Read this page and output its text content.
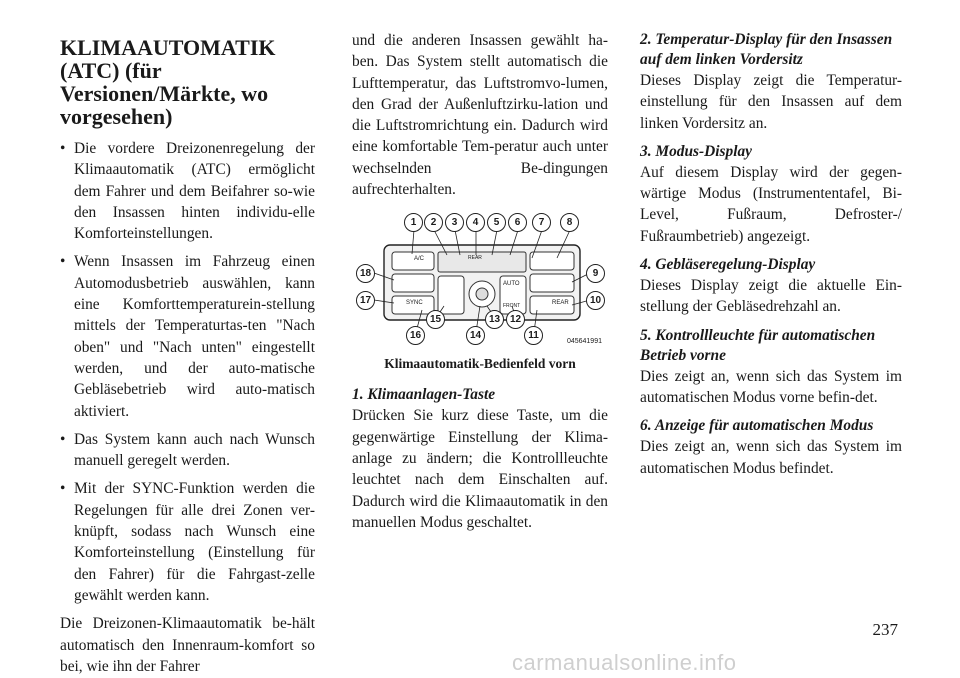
KLIMAAUTOMATIK (ATC) (für Versionen/Märkte, wo vorgesehen)
• Die vordere Dreizonenregelung der Klimaautomatik (ATC) ermöglicht dem Fahrer und dem Beifahrer so-wie den Insassen hinten individu-elle Komforteinstellungen.
• Wenn Insassen im Fahrzeug einen Automodusbetrieb auswählen, kann eine Komforttemperaturein-stellung mittels der Temperaturtas-ten "Nach oben" und "Nach unten" eingestellt werden, und der auto-matische Gebläsebetrieb wird auto-matisch aktiviert.
• Das System kann auch nach Wunsch manuell geregelt werden.
• Mit der SYNC-Funktion werden die Regelungen für alle drei Zonen ver-knüpft, sodass nach Wunsch eine Komforteinstellung (Einstellung für den Fahrer) für die Fahrgast-zelle gewählt werden kann.

Die Dreizonen-Klimaautomatik be-hält automatisch den Innenraum-komfort so bei, wie ihn der Fahrer

und die anderen Insassen gewählt ha-ben. Das System stellt automatisch die Lufttemperatur, das Luftstromvo-lumen, den Grad der Außenluftzirku-lation und die Luftstromrichtung ein. Dadurch wird eine komfortable Tem-peratur auch unter wechselnden Be-dingungen aufrechterhalten.

A/C
SYNC
AUTO
REAR
FRONT	REAR
1	2	3	4	5	6	7	8
9
10
11
12
13
14
15
16
17
18
045641991
Klimaautomatik-Bedienfeld vorn
1. Klimaanlagen-Taste

Drücken Sie kurz diese Taste, um die gegenwärtige Einstellung der Klima-anlage zu ändern; die Kontrollleuchte leuchtet nach dem Einschalten auf. Dadurch wird die Klimaautomatik in den manuellen Modus geschaltet.

2. Temperatur-Display für den Insassen auf dem linken Vordersitz

Dieses Display zeigt die Temperatur-einstellung für den Insassen auf dem linken Vordersitz an.

3. Modus-Display

Auf diesem Display wird der gegen-wärtige Modus (Instrumententafel, Bi-Level, Fußraum, Defroster-/ Fußraumbetrieb) angezeigt.

4. Gebläseregelung-Display

Dieses Display zeigt die aktuelle Ein-stellung der Gebläsedrehzahl an.

5. Kontrollleuchte für automatischen Betrieb vorne

Dies zeigt an, wenn sich das System im automatischen Modus vorne befin-det.

6. Anzeige für automatischen Modus

Dies zeigt an, wenn sich das System im automatischen Modus befindet.

237
carmanualsonline.info
